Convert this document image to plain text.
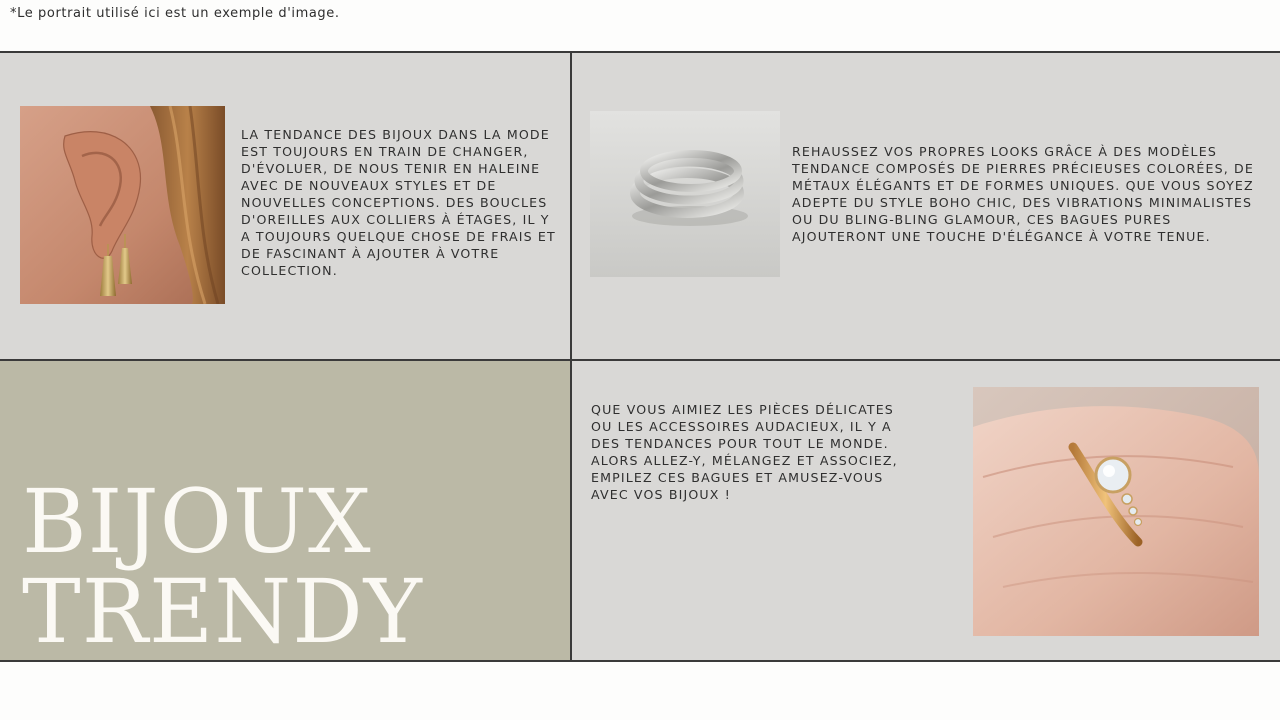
*Le portrait utilisé ici est un exemple d'image.
LA TENDANCE DES BIJOUX DANS LA MODE EST TOUJOURS EN TRAIN DE CHANGER, D'ÉVOLUER, DE NOUS TENIR EN HALEINE AVEC DE NOUVEAUX STYLES ET DE NOUVELLES CONCEPTIONS. DES BOUCLES D'OREILLES AUX COLLIERS À ÉTAGES, IL Y A TOUJOURS QUELQUE CHOSE DE FRAIS ET DE FASCINANT À AJOUTER À VOTRE COLLECTION.
REHAUSSEZ VOS PROPRES LOOKS GRÂCE À DES MODÈLES TENDANCE COMPOSÉS DE PIERRES PRÉCIEUSES COLORÉES, DE MÉTAUX ÉLÉGANTS ET DE FORMES UNIQUES. QUE VOUS SOYEZ ADEPTE DU STYLE BOHO CHIC, DES VIBRATIONS MINIMALISTES OU DU BLING-BLING GLAMOUR, CES BAGUES PURES AJOUTERONT UNE TOUCHE D'ÉLÉGANCE À VOTRE TENUE.
BIJOUX
TRENDY
QUE VOUS AIMIEZ LES PIÈCES DÉLICATES OU LES ACCESSOIRES AUDACIEUX, IL Y A DES TENDANCES POUR TOUT LE MONDE. ALORS ALLEZ-Y, MÉLANGEZ ET ASSOCIEZ, EMPILEZ CES BAGUES ET AMUSEZ-VOUS AVEC VOS BIJOUX !
